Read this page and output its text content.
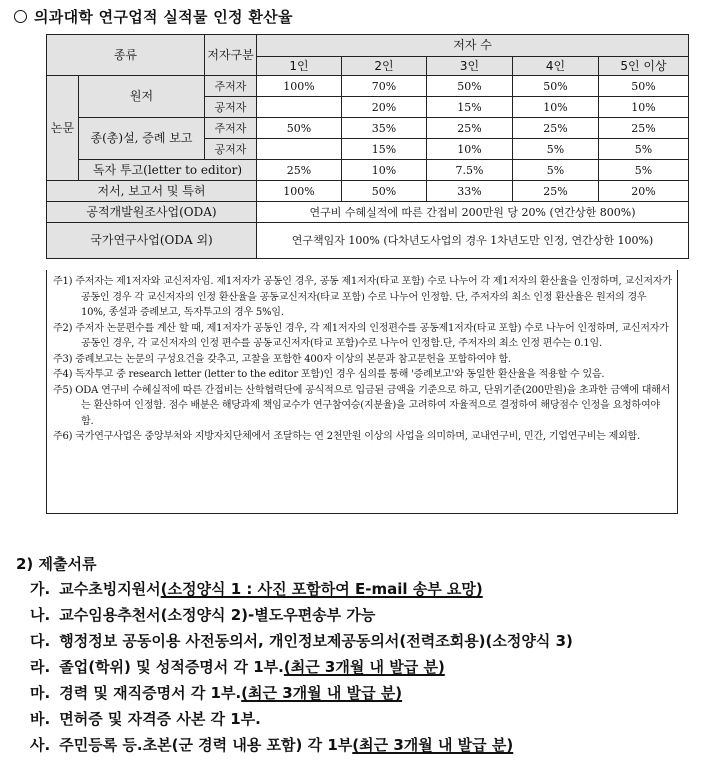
의과대학 연구업적 실적물 인정 환산율
종류		저자구분	저자 수				
			1인	2인	3인	4인	5인 이상
논문	원저	주저자	100%	70%	50%	50%	50%
		공저자		20%	15%	10%	10%
	종(총)설, 증례 보고	주저자	50%	35%	25%	25%	25%
		공저자		15%	10%	5%	5%
	독자 투고(letter to editor)		25%	10%	7.5%	5%	5%
저서, 보고서 및 특허			100%	50%	33%	25%	20%
공적개발원조사업(ODA)			연구비 수혜실적에 따른 간접비 200만원 당 20% (연간상한 800%)				
국가연구사업(ODA 외)			연구책임자 100% (다차년도사업의 경우 1차년도만 인정, 연간상한 100%)				

주1) 주저자는 제1저자와 교신저자임. 제1저자가 공동인 경우, 공동 제1저자(타교 포함) 수로 나누어 각 제1저자의 환산율을 인정하며, 교신저자가 공동인 경우 각 교신저자의 인정 환산율을 공동교신저자(타교 포함) 수로 나누어 인정함. 단, 주저자의 최소 인정 환산율은 원저의 경우 10%, 종설과 증례보고, 독자투고의 경우 5%임.

주2) 주저자 논문편수를 계산 할 때, 제1저자가 공동인 경우, 각 제1저자의 인정편수를 공동제1저자(타교 포함) 수로 나누어 인정하며, 교신저자가 공동인 경우, 각 교신저자의 인정 편수를 공동교신저자(타교 포함)수로 나누어 인정함.단, 주저자의 최소 인정 편수는 0.1임.

주3) 증례보고는 논문의 구성요건을 갖추고, 고찰을 포함한 400자 이상의 본문과 참고문헌을 포함하여야 함.

주4) 독자투고 중 research letter (letter to the editor 포함)인 경우 심의를 통해 '증례보고'와 동일한 환산율을 적용할 수 있음.

주5) ODA 연구비 수혜실적에 따른 간접비는 산학협력단에 공식적으로 입금된 금액을 기준으로 하고, 단위기준(200만원)을 초과한 금액에 대해서는 환산하여 인정함. 점수 배분은 해당과제 책임교수가 연구참여승(지분율)을 고려하여 자율적으로 결정하여 해당점수 인정을 요청하여야 함.

주6) 국가연구사업은 중앙부처와 지방자치단체에서 조달하는 연 2천만원 이상의 사업을 의미하며, 교내연구비, 민간, 기업연구비는 제외함.

2) 제출서류
가. 교수초빙지원서(소정양식 1 : 사진 포함하여 E-mail 송부 요망)
나. 교수임용추천서(소정양식 2)-별도우편송부 가능
다. 행정정보 공동이용 사전동의서, 개인정보제공동의서(전력조회용)(소정양식 3)
라. 졸업(학위) 및 성적증명서 각 1부.(최근 3개월 내 발급 분)
마. 경력 및 재직증명서 각 1부.(최근 3개월 내 발급 분)
바. 면허증 및 자격증 사본 각 1부.
사. 주민등록 등.초본(군 경력 내용 포함) 각 1부(최근 3개월 내 발급 분)
